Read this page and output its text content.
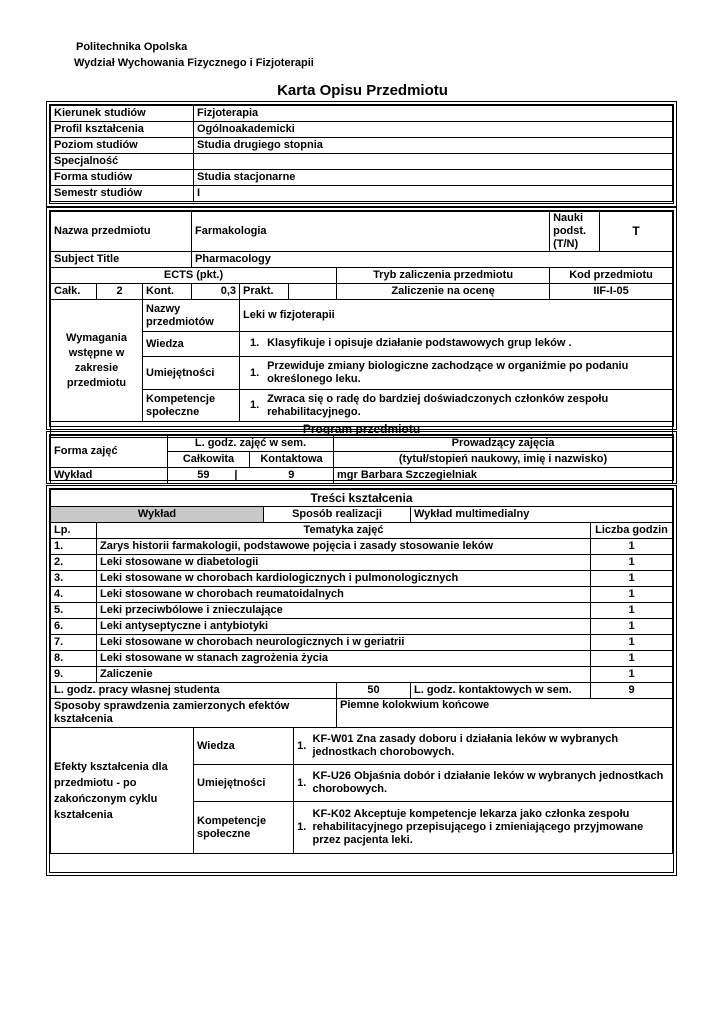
Politechnika Opolska
Wydział Wychowania Fizycznego i Fizjoterapii
Karta Opisu Przedmiotu
Kierunek studiów	Fizjoterapia
Profil kształcenia	Ogólnoakademicki
Poziom studiów	Studia drugiego stopnia
Specjalność	
Forma studiów	Studia stacjonarne
Semestr studiów	I
Nazwa przedmiotu			Farmakologia				Nauki podst. (T/N)	T
Subject Title			Pharmacology					
ECTS (pkt.)						Tryb zaliczenia przedmiotu	Kod przedmiotu	
Całk.	2	Kont.	0,3	Prakt.		Zaliczenie na ocenę	IIF-I-05	
Wymagania wstępne w zakresie przedmiotu		Nazwy przedmiotów		Leki w fizjoterapii				
		Wiedza		1. Klasyfikuje i opisuje działanie podstawowych grup leków .				
		Umiejętności		1. Przewiduje zmiany biologiczne zachodzące w organiźmie po podaniu określonego leku.				
		Kompetencje społeczne		1. Zwraca się o radę do bardziej doświadczonych członków zespołu rehabilitacyjnego.				
Program przedmiotu								
Forma zajęć	L. godz. zajęć w sem.		Prowadzący zajęcia
	Całkowita	Kontaktowa	(tytuł/stopień naukowy, imię i nazwisko)
Wykład	59 |	9	mgr Barbara Szczegielniak
Treści kształcenia					
Wykład		Sposób realizacji		Wykład multimedialny	
Lp.	Tematyka zajęć				Liczba godzin
1.	Zarys historii farmakologii, podstawowe pojęcia i zasady stosowanie leków				1
2.	Leki stosowane w diabetologii				1
3.	Leki stosowane w chorobach kardiologicznych i pulmonologicznych				1
4.	Leki stosowane w chorobach reumatoidalnych				1
5.	Leki przeciwbólowe i znieczulające				1
6.	Leki antyseptyczne i antybiotyki				1
7.	Leki stosowane w chorobach neurologicznych i w geriatrii				1
8.	Leki stosowane w stanach zagrożenia życia				1
9.	Zaliczenie				1
L. godz. pracy własnej studenta			50	L. godz. kontaktowych w sem.	9
Sposoby sprawdzenia zamierzonych efektów kształcenia			Piemne kolokwium końcowe		
Efekty kształcenia dla przedmiotu - po zakończonym cyklu kształcenia	Wiedza	1.	KF-W01 Zna zasady doboru i działania leków w wybranych jednostkach chorobowych.
	Umiejętności	1.	KF-U26 Objaśnia dobór i działanie leków w wybranych jednostkach chorobowych.
	Kompetencje społeczne	1.	KF-K02 Akceptuje kompetencje lekarza jako członka zespołu rehabilitacyjnego przepisującego i zmieniającego przyjmowane przez pacjenta leki.
